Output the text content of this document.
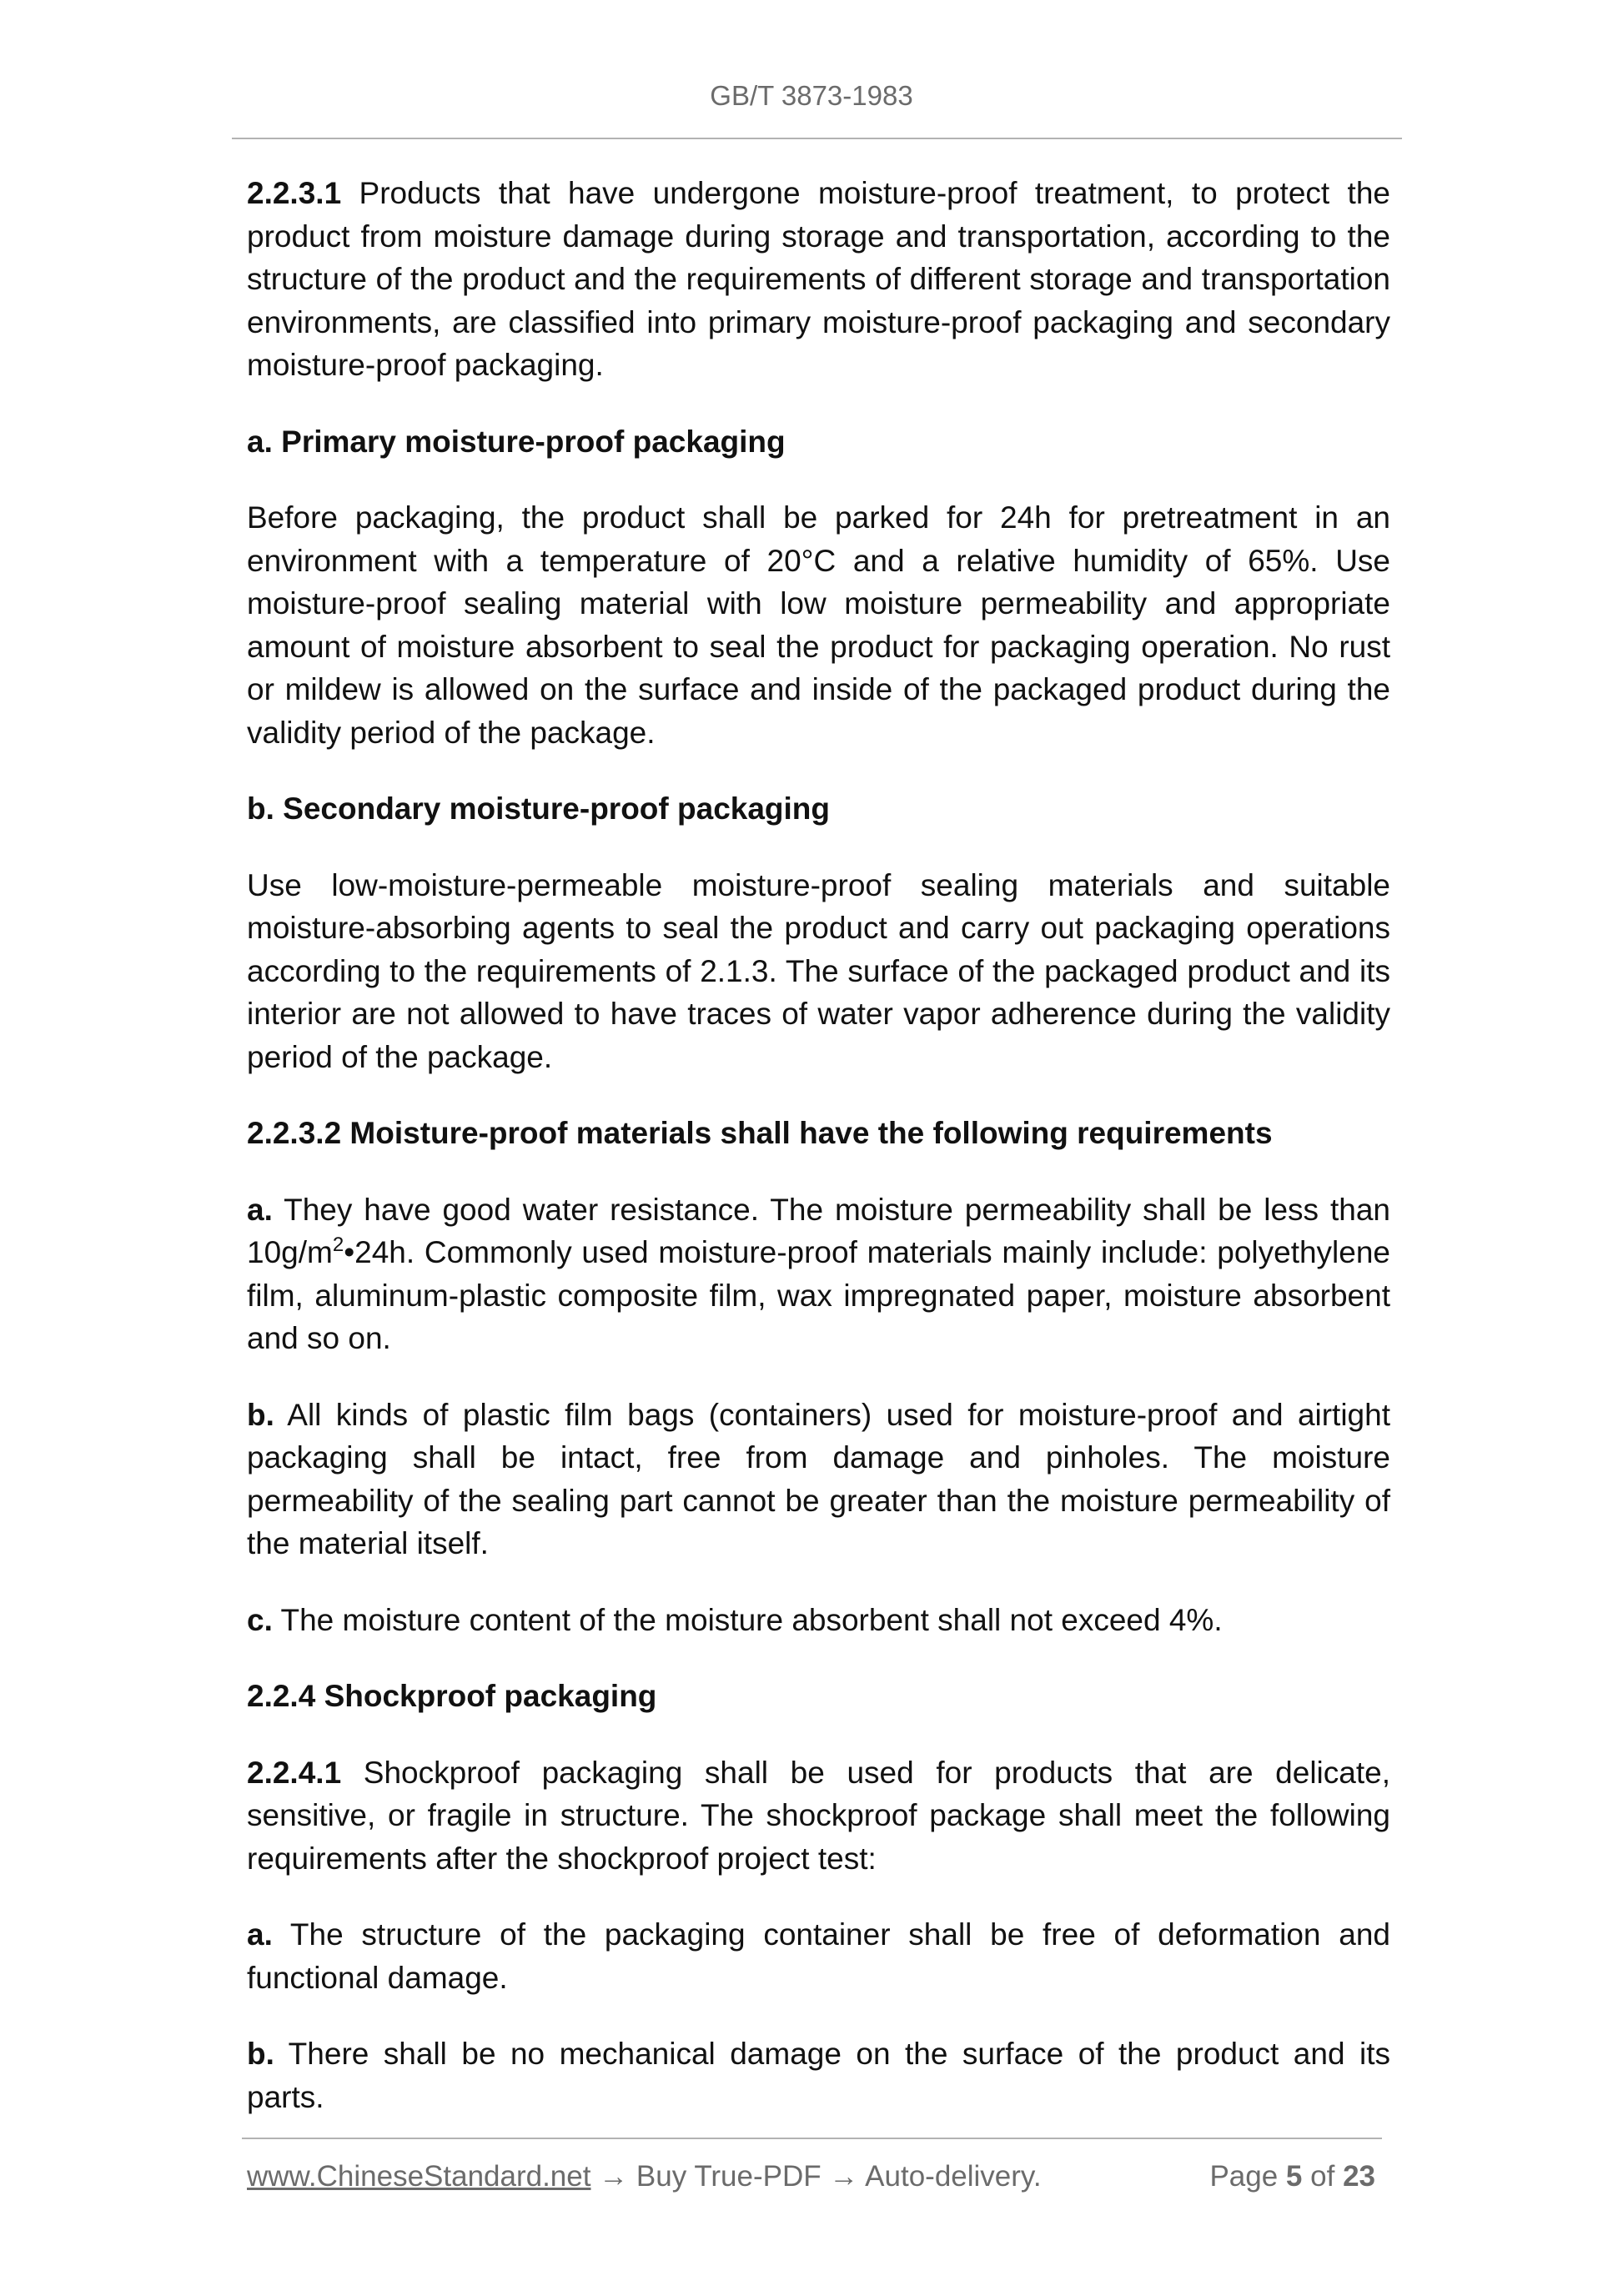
GB/T 3873-1983

2.2.3.1 Products that have undergone moisture-proof treatment, to protect the product from moisture damage during storage and transportation, according to the structure of the product and the requirements of different storage and transportation environments, are classified into primary moisture-proof packaging and secondary moisture-proof packaging.

a. Primary moisture-proof packaging

Before packaging, the product shall be parked for 24h for pretreatment in an environment with a temperature of 20°C and a relative humidity of 65%. Use moisture-proof sealing material with low moisture permeability and appropriate amount of moisture absorbent to seal the product for packaging operation. No rust or mildew is allowed on the surface and inside of the packaged product during the validity period of the package.

b. Secondary moisture-proof packaging

Use low-moisture-permeable moisture-proof sealing materials and suitable moisture-absorbing agents to seal the product and carry out packaging operations according to the requirements of 2.1.3. The surface of the packaged product and its interior are not allowed to have traces of water vapor adherence during the validity period of the package.

2.2.3.2 Moisture-proof materials shall have the following requirements

a. They have good water resistance. The moisture permeability shall be less than $10g/m^2•24h$. Commonly used moisture-proof materials mainly include: polyethylene film, aluminum-plastic composite film, wax impregnated paper, moisture absorbent and so on.

b. All kinds of plastic film bags (containers) used for moisture-proof and airtight packaging shall be intact, free from damage and pinholes. The moisture permeability of the sealing part cannot be greater than the moisture permeability of the material itself.

c. The moisture content of the moisture absorbent shall not exceed 4%.

2.2.4 Shockproof packaging

2.2.4.1 Shockproof packaging shall be used for products that are delicate, sensitive, or fragile in structure. The shockproof package shall meet the following requirements after the shockproof project test:

a. The structure of the packaging container shall be free of deformation and functional damage.

b. There shall be no mechanical damage on the surface of the product and its parts.

www.ChineseStandard.net → Buy True-PDF → Auto-delivery.	Page 5 of 23
